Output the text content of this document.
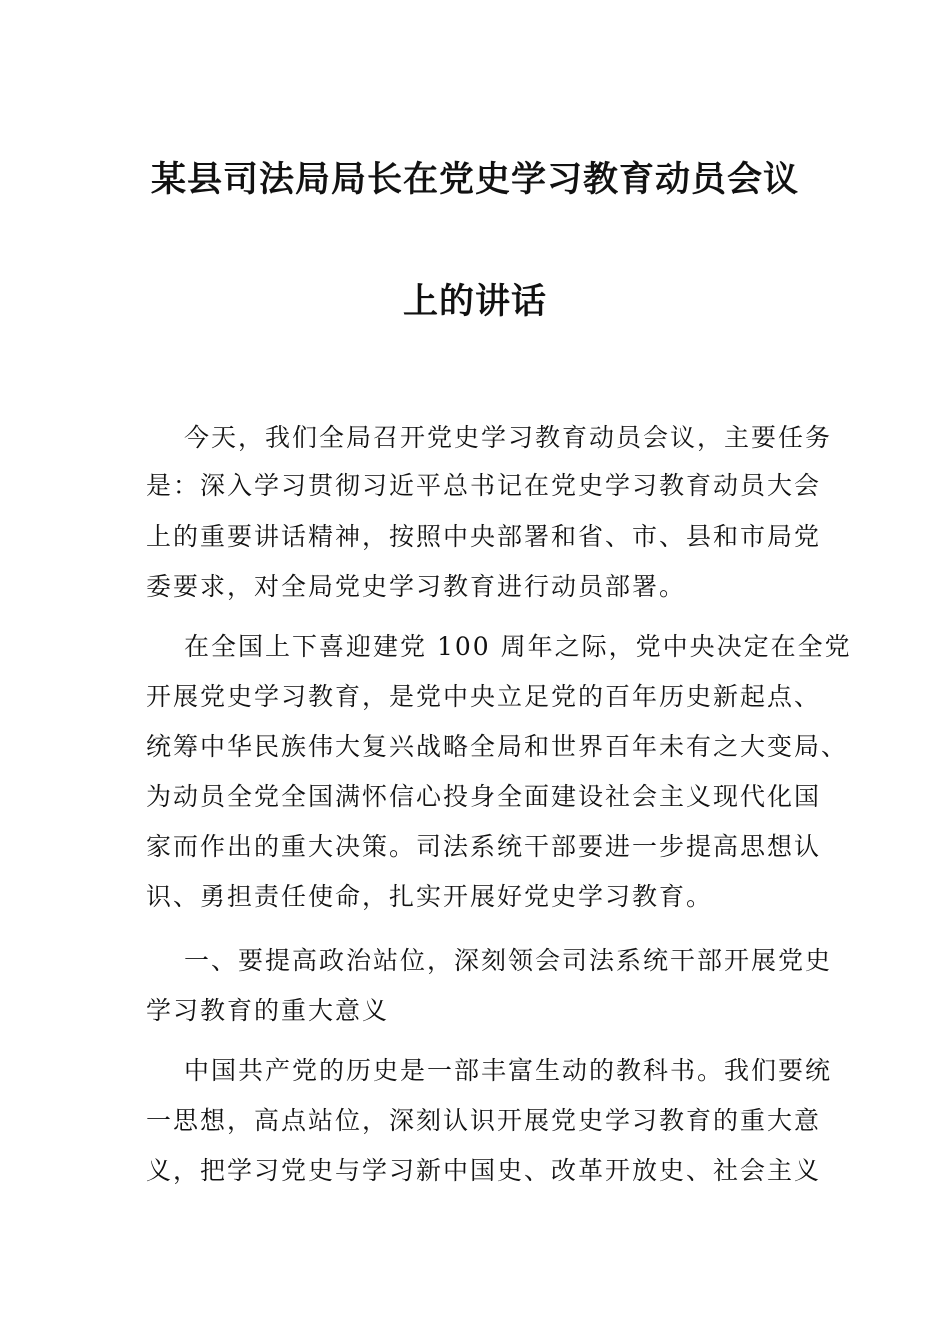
某县司法局局长在党史学习教育动员会议
上的讲话
今天，我们全局召开党史学习教育动员会议，主要任务
是：深入学习贯彻习近平总书记在党史学习教育动员大会
上的重要讲话精神，按照中央部署和省、市、县和市局党
委要求，对全局党史学习教育进行动员部署。
在全国上下喜迎建党 100 周年之际，党中央决定在全党
开展党史学习教育，是党中央立足党的百年历史新起点、
统筹中华民族伟大复兴战略全局和世界百年未有之大变局、
为动员全党全国满怀信心投身全面建设社会主义现代化国
家而作出的重大决策。司法系统干部要进一步提高思想认
识、勇担责任使命，扎实开展好党史学习教育。
一、要提高政治站位，深刻领会司法系统干部开展党史
学习教育的重大意义
中国共产党的历史是一部丰富生动的教科书。我们要统
一思想，高点站位，深刻认识开展党史学习教育的重大意
义，把学习党史与学习新中国史、改革开放史、社会主义
